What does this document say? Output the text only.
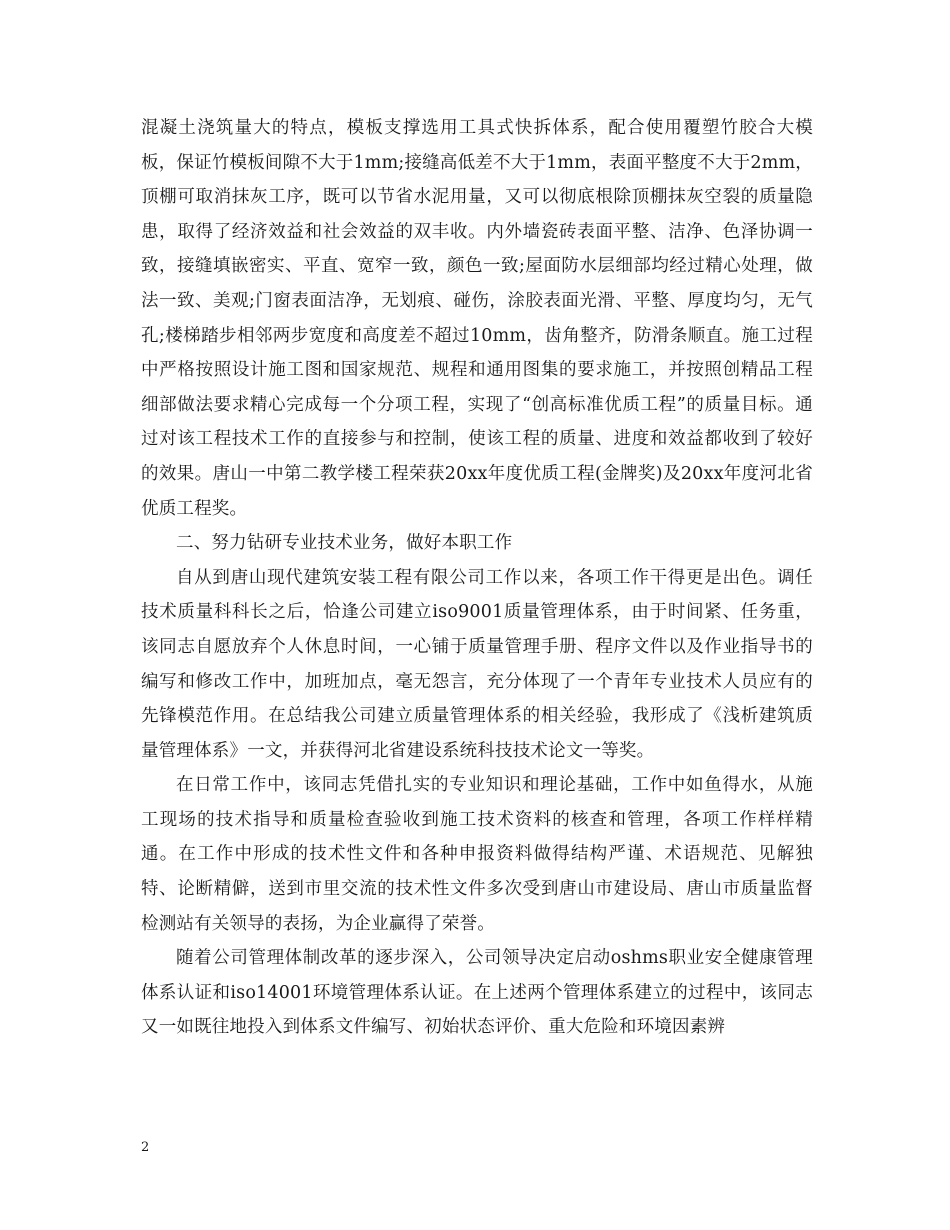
混凝土浇筑量大的特点，模板支撑选用工具式快拆体系，配合使用覆塑竹胶合大模板，保证竹模板间隙不大于1mm;接缝高低差不大于1mm，表面平整度不大于2mm，顶棚可取消抹灰工序，既可以节省水泥用量，又可以彻底根除顶棚抹灰空裂的质量隐患，取得了经济效益和社会效益的双丰收。内外墙瓷砖表面平整、洁净、色泽协调一致，接缝填嵌密实、平直、宽窄一致，颜色一致;屋面防水层细部均经过精心处理，做法一致、美观;门窗表面洁净，无划痕、碰伤，涂胶表面光滑、平整、厚度均匀，无气孔;楼梯踏步相邻两步宽度和高度差不超过10mm，齿角整齐，防滑条顺直。施工过程中严格按照设计施工图和国家规范、规程和通用图集的要求施工，并按照创精品工程细部做法要求精心完成每一个分项工程，实现了“创高标准优质工程”的质量目标。通过对该工程技术工作的直接参与和控制，使该工程的质量、进度和效益都收到了较好的效果。唐山一中第二教学楼工程荣获20xx年度优质工程(金牌奖)及20xx年度河北省优质工程奖。

二、努力钻研专业技术业务，做好本职工作

自从到唐山现代建筑安装工程有限公司工作以来，各项工作干得更是出色。调任技术质量科科长之后，恰逢公司建立iso9001质量管理体系，由于时间紧、任务重，该同志自愿放弃个人休息时间，一心铺于质量管理手册、程序文件以及作业指导书的编写和修改工作中，加班加点，毫无怨言，充分体现了一个青年专业技术人员应有的先锋模范作用。在总结我公司建立质量管理体系的相关经验，我形成了《浅析建筑质量管理体系》一文，并获得河北省建设系统科技技术论文一等奖。

在日常工作中，该同志凭借扎实的专业知识和理论基础，工作中如鱼得水，从施工现场的技术指导和质量检查验收到施工技术资料的核查和管理，各项工作样样精通。在工作中形成的技术性文件和各种申报资料做得结构严谨、术语规范、见解独特、论断精僻，送到市里交流的技术性文件多次受到唐山市建设局、唐山市质量监督检测站有关领导的表扬，为企业赢得了荣誉。

随着公司管理体制改革的逐步深入，公司领导决定启动oshms职业安全健康管理体系认证和iso14001环境管理体系认证。在上述两个管理体系建立的过程中，该同志又一如既往地投入到体系文件编写、初始状态评价、重大危险和环境因素辨

2
